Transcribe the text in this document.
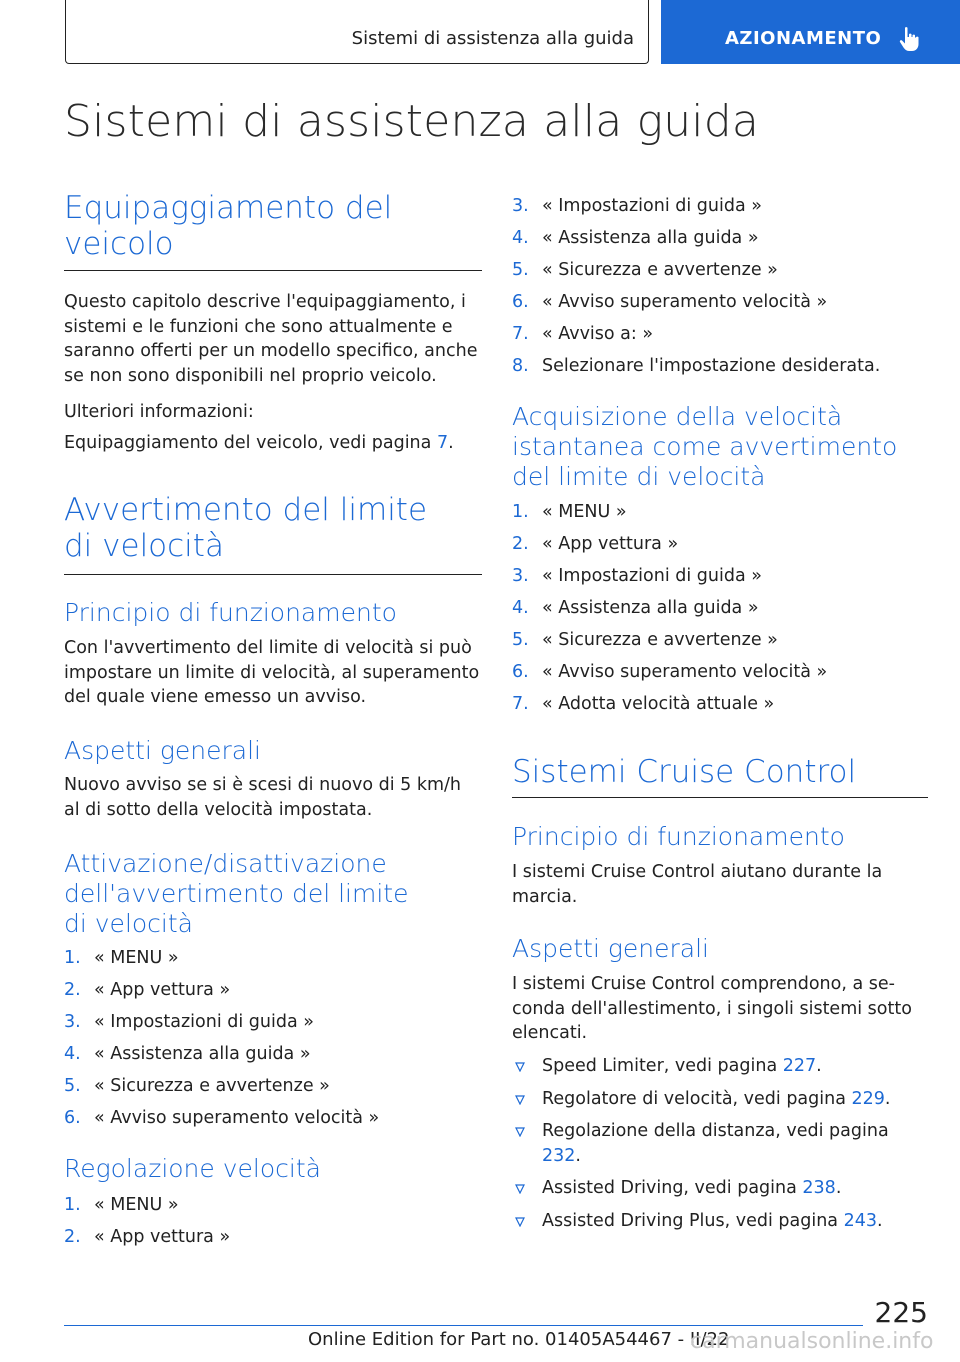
Sistemi di assistenza alla guida	AZIONAMENTO
Sistemi di assistenza alla guida
Equipaggiamento del veicolo
Questo capitolo descrive l'equipaggiamento, i sistemi e le funzioni che sono attualmente e saranno offerti per un modello specifico, anche se non sono disponibili nel proprio veicolo.
Ulteriori informazioni:
Equipaggiamento del veicolo, vedi pagina 7.
Avvertimento del limite di velocità
Principio di funzionamento
Con l'avvertimento del limite di velocità si può impostare un limite di velocità, al superamento del quale viene emesso un avviso.
Aspetti generali
Nuovo avviso se si è scesi di nuovo di 5 km/h al di sotto della velocità impostata.
Attivazione/disattivazione dell'avvertimento del limite di velocità
1. « MENU »
2. « App vettura »
3. « Impostazioni di guida »
4. « Assistenza alla guida »
5. « Sicurezza e avvertenze »
6. « Avviso superamento velocità »
Regolazione velocità
1. « MENU »
2. « App vettura »
3. « Impostazioni di guida »
4. « Assistenza alla guida »
5. « Sicurezza e avvertenze »
6. « Avviso superamento velocità »
7. « Avviso a: »
8. Selezionare l'impostazione desiderata.
Acquisizione della velocità istantanea come avvertimento del limite di velocità
1. « MENU »
2. « App vettura »
3. « Impostazioni di guida »
4. « Assistenza alla guida »
5. « Sicurezza e avvertenze »
6. « Avviso superamento velocità »
7. « Adotta velocità attuale »
Sistemi Cruise Control
Principio di funzionamento
I sistemi Cruise Control aiutano durante la marcia.
Aspetti generali
I sistemi Cruise Control comprendono, a seconda dell'allestimento, i singoli sistemi sotto elencati.
Speed Limiter, vedi pagina 227.
Regolatore di velocità, vedi pagina 229.
Regolazione della distanza, vedi pagina 232.
Assisted Driving, vedi pagina 238.
Assisted Driving Plus, vedi pagina 243.
225
Online Edition for Part no. 01405A54467 - II/22
carmanualsonline.info
